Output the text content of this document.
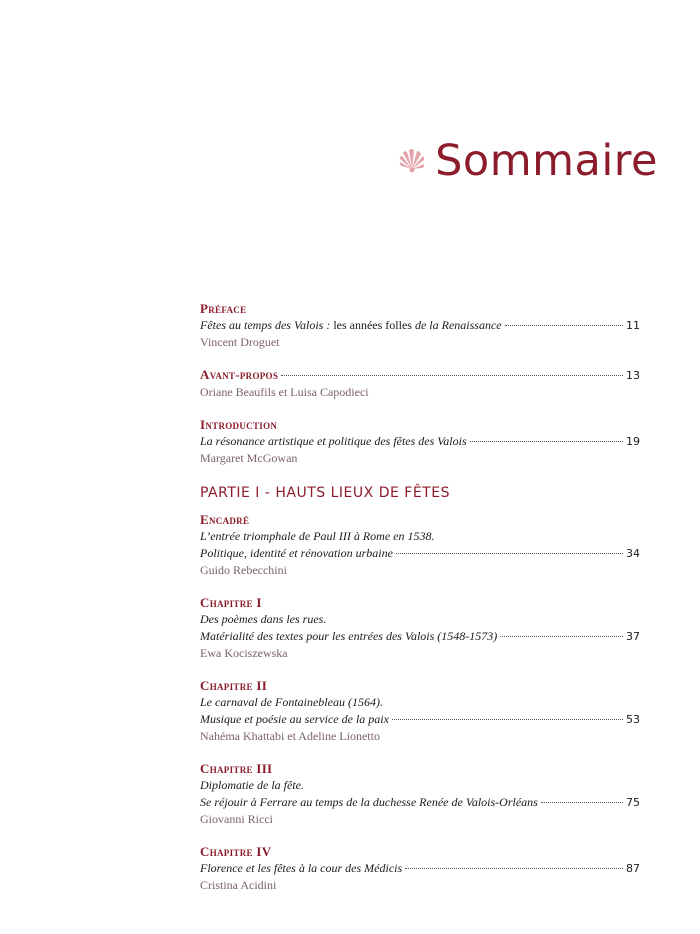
Sommaire
Préface
Fêtes au temps des Valois : les années folles de la Renaissance	11
Vincent Droguet
Avant-propos	13
Oriane Beaufils et Luisa Capodieci
Introduction
La résonance artistique et politique des fêtes des Valois	19
Margaret McGowan
PARTIE I - HAUTS LIEUX DE FÊTES
Encadré
L’entrée triomphale de Paul III à Rome en 1538.
Politique, identité et rénovation urbaine	34
Guido Rebecchini
Chapitre I
Des poèmes dans les rues.
Matérialité des textes pour les entrées des Valois (1548-1573)	37
Ewa Kociszewska
Chapitre II
Le carnaval de Fontainebleau (1564).
Musique et poésie au service de la paix	53
Nahéma Khattabi et Adeline Lionetto
Chapitre III
Diplomatie de la fête.
Se réjouir à Ferrare au temps de la duchesse Renée de Valois-Orléans	75
Giovanni Ricci
Chapitre IV
Florence et les fêtes à la cour des Médicis	87
Cristina Acidini
